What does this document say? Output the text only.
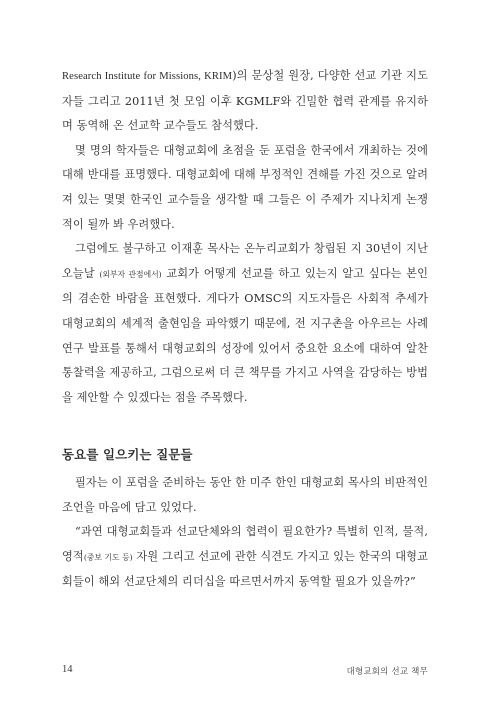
Research Institute for Missions, KRIM)의 문상철 원장, 다양한 선교 기관 지도자들 그리고 2011년 첫 모임 이후 KGMLF와 긴밀한 협력 관계를 유지하며 동역해 온 선교학 교수들도 참석했다.

몇 명의 학자들은 대형교회에 초점을 둔 포럼을 한국에서 개최하는 것에 대해 반대를 표명했다. 대형교회에 대해 부정적인 견해를 가진 것으로 알려져 있는 몇몇 한국인 교수들을 생각할 때 그들은 이 주제가 지나치게 논쟁적이 될까 봐 우려했다.

그럼에도 불구하고 이재훈 목사는 온누리교회가 창립된 지 30년이 지난 오늘날 (외부자 관점에서) 교회가 어떻게 선교를 하고 있는지 알고 싶다는 본인의 겸손한 바람을 표현했다. 게다가 OMSC의 지도자들은 사회적 추세가 대형교회의 세계적 출현임을 파악했기 때문에, 전 지구촌을 아우르는 사례 연구 발표를 통해서 대형교회의 성장에 있어서 중요한 요소에 대하여 알찬 통찰력을 제공하고, 그럼으로써 더 큰 책무를 가지고 사역을 감당하는 방법을 제안할 수 있겠다는 점을 주목했다.

동요를 일으키는 질문들

필자는 이 포럼을 준비하는 동안 한 미주 한인 대형교회 목사의 비판적인 조언을 마음에 담고 있었다.

“과연 대형교회들과 선교단체와의 협력이 필요한가? 특별히 인적, 물적, 영적(중보 기도 등) 자원 그리고 선교에 관한 식견도 가지고 있는 한국의 대형교회들이 해외 선교단체의 리더십을 따르면서까지 동역할 필요가 있을까?”

14	대형교회의 선교 책무
